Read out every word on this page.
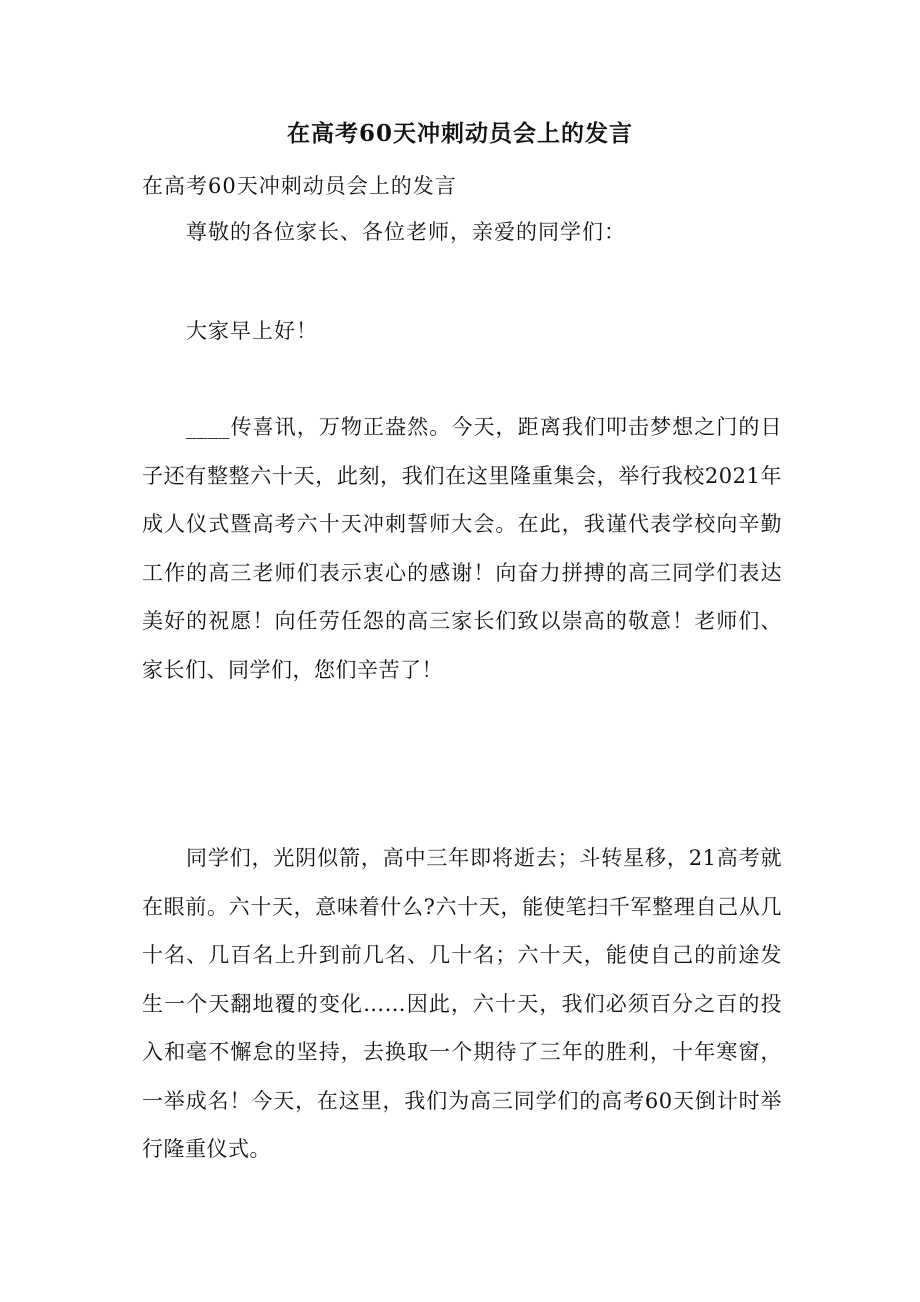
在高考60天冲刺动员会上的发言
在高考60天冲刺动员会上的发言
尊敬的各位家长、各位老师，亲爱的同学们：
大家早上好！
____传喜讯，万物正盎然。今天，距离我们叩击梦想之门的日子还有整整六十天，此刻，我们在这里隆重集会，举行我校2021年成人仪式暨高考六十天冲刺誓师大会。在此，我谨代表学校向辛勤工作的高三老师们表示衷心的感谢！向奋力拼搏的高三同学们表达美好的祝愿！向任劳任怨的高三家长们致以崇高的敬意！老师们、家长们、同学们，您们辛苦了！
同学们，光阴似箭，高中三年即将逝去；斗转星移，21高考就在眼前。六十天，意味着什么?六十天，能使笔扫千军整理自己从几十名、几百名上升到前几名、几十名；六十天，能使自己的前途发生一个天翻地覆的变化……因此，六十天，我们必须百分之百的投入和毫不懈怠的坚持，去换取一个期待了三年的胜利，十年寒窗，一举成名！今天，在这里，我们为高三同学们的高考60天倒计时举行隆重仪式。
